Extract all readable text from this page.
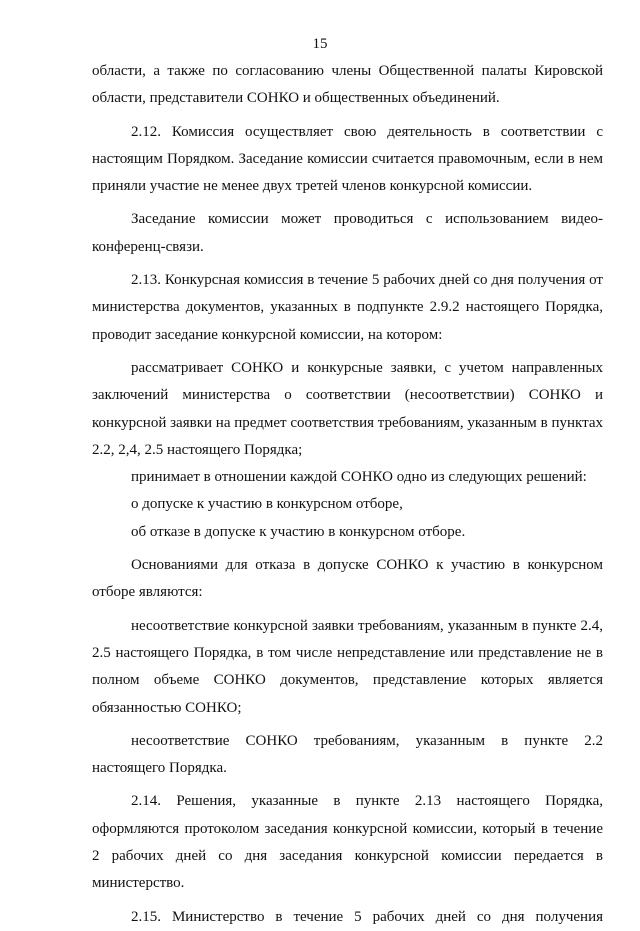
15

области, а также по согласованию члены Общественной палаты Кировской области, представители СОНКО и общественных объединений.

2.12. Комиссия осуществляет свою деятельность в соответствии с настоящим Порядком. Заседание комиссии считается правомочным, если в нем приняли участие не менее двух третей членов конкурсной комиссии.

Заседание комиссии может проводиться с использованием видео-конференц-связи.

2.13. Конкурсная комиссия в течение 5 рабочих дней со дня получения от министерства документов, указанных в подпункте 2.9.2 настоящего Порядка, проводит заседание конкурсной комиссии, на котором:

рассматривает СОНКО и конкурсные заявки, с учетом направленных заключений министерства о соответствии (несоответствии) СОНКО и конкурсной заявки на предмет соответствия требованиям, указанным в пунктах 2.2, 2,4, 2.5 настоящего Порядка;

принимает в отношении каждой СОНКО одно из следующих решений:

о допуске к участию в конкурсном отборе,

об отказе в допуске к участию в конкурсном отборе.

Основаниями для отказа в допуске СОНКО к участию в конкурсном отборе являются:

несоответствие конкурсной заявки требованиям, указанным в пункте 2.4, 2.5 настоящего Порядка, в том числе непредставление или представление не в полном объеме СОНКО документов, представление которых является обязанностью СОНКО;

несоответствие СОНКО требованиям, указанным в пункте 2.2 настоящего Порядка.

2.14. Решения, указанные в пункте 2.13 настоящего Порядка, оформляются протоколом заседания конкурсной комиссии, который в течение 2 рабочих дней со дня заседания конкурсной комиссии передается в министерство.

2.15. Министерство в течение 5 рабочих дней со дня получения
